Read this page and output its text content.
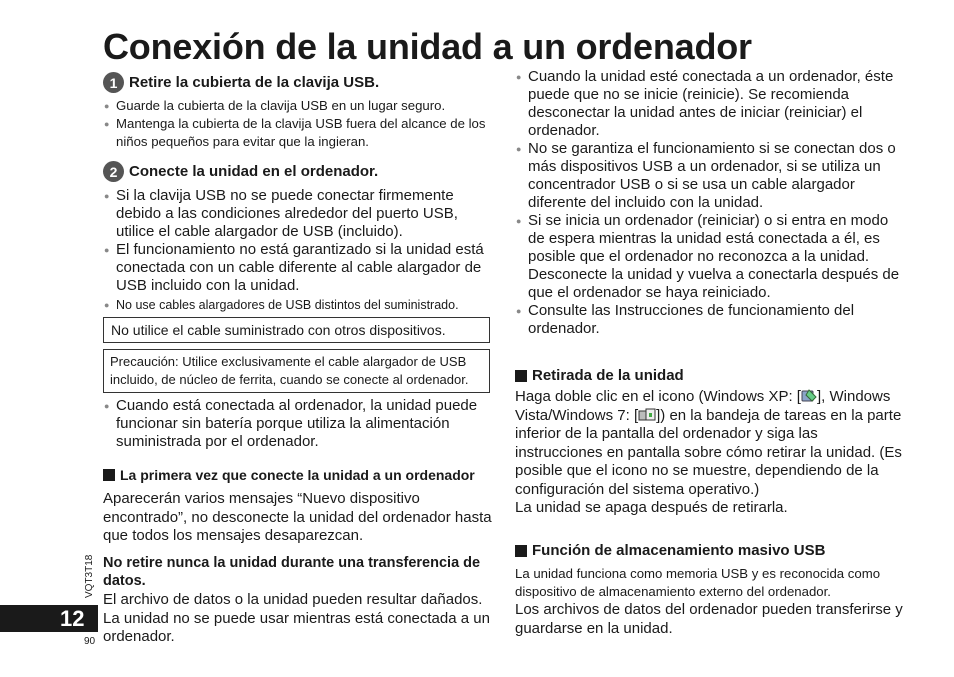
Conexión de la unidad a un ordenador
1 Retire la cubierta de la clavija USB.
● Guarde la cubierta de la clavija USB en un lugar seguro.
● Mantenga la cubierta de la clavija USB fuera del alcance de los niños pequeños para evitar que la ingieran.
2 Conecte la unidad en el ordenador.
● Si la clavija USB no se puede conectar firmemente debido a las condiciones alrededor del puerto USB, utilice el cable alargador de USB (incluido).
● El funcionamiento no está garantizado si la unidad está conectada con un cable diferente al cable alargador de USB incluido con la unidad.
● No use cables alargadores de USB distintos del suministrado.
No utilice el cable suministrado con otros dispositivos.
Precaución: Utilice exclusivamente el cable alargador de USB incluido, de núcleo de ferrita, cuando se conecte al ordenador.
● Cuando está conectada al ordenador, la unidad puede funcionar sin batería porque utiliza la alimentación suministrada por el ordenador.
La primera vez que conecte la unidad a un ordenador
Aparecerán varios mensajes “Nuevo dispositivo encontrado”, no desconecte la unidad del ordenador hasta que todos los mensajes desaparezcan.
No retire nunca la unidad durante una transferencia de datos.
El archivo de datos o la unidad pueden resultar dañados. La unidad no se puede usar mientras está conectada a un ordenador.
● Cuando la unidad esté conectada a un ordenador, éste puede que no se inicie (reinicie). Se recomienda desconectar la unidad antes de iniciar (reiniciar) el ordenador.
● No se garantiza el funcionamiento si se conectan dos o más dispositivos USB a un ordenador, si se utiliza un concentrador USB o si se usa un cable alargador diferente del incluido con la unidad.
● Si se inicia un ordenador (reiniciar) o si entra en modo de espera mientras la unidad está conectada a él, es posible que el ordenador no reconozca a la unidad. Desconecte la unidad y vuelva a conectarla después de que el ordenador se haya reiniciado.
● Consulte las Instrucciones de funcionamiento del ordenador.
Retirada de la unidad
Haga doble clic en el icono (Windows XP: [ ], Windows Vista/Windows 7: [ ]) en la bandeja de tareas en la parte inferior de la pantalla del ordenador y siga las instrucciones en pantalla sobre cómo retirar la unidad. (Es posible que el icono no se muestre, dependiendo de la configuración del sistema operativo.)
La unidad se apaga después de retirarla.
Función de almacenamiento masivo USB
La unidad funciona como memoria USB y es reconocida como dispositivo de almacenamiento externo del ordenador.
Los archivos de datos del ordenador pueden transferirse y guardarse en la unidad.
VQT3T18
12
90
